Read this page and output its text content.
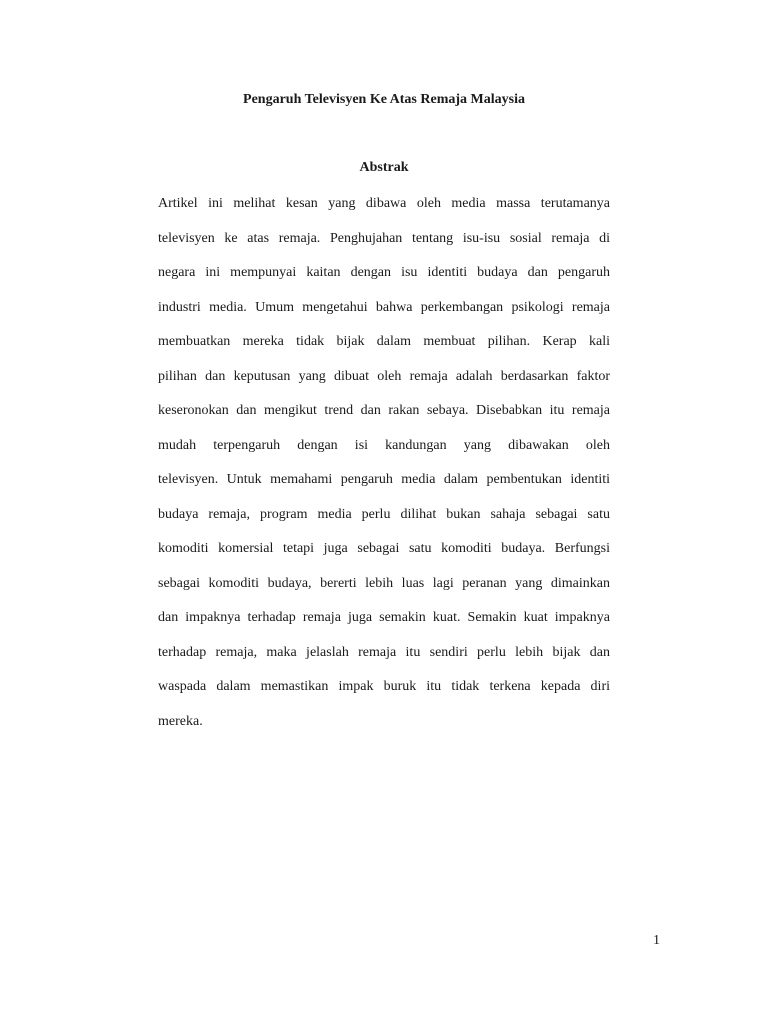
Pengaruh Televisyen Ke Atas Remaja Malaysia
Abstrak
Artikel ini melihat kesan yang dibawa oleh media massa terutamanya
televisyen ke atas remaja. Penghujahan tentang isu-isu sosial remaja di
negara ini mempunyai kaitan dengan isu identiti budaya dan pengaruh
industri media. Umum mengetahui bahwa perkembangan psikologi remaja
membuatkan mereka tidak bijak dalam membuat pilihan. Kerap kali
pilihan dan keputusan yang dibuat oleh remaja adalah berdasarkan faktor
keseronokan dan mengikut trend dan rakan sebaya. Disebabkan itu remaja
mudah terpengaruh dengan isi kandungan yang dibawakan oleh
televisyen. Untuk memahami pengaruh media dalam pembentukan identiti
budaya remaja, program media perlu dilihat bukan sahaja sebagai satu
komoditi komersial tetapi juga sebagai satu komoditi budaya. Berfungsi
sebagai komoditi budaya, bererti lebih luas lagi peranan yang dimainkan
dan impaknya terhadap remaja juga semakin kuat. Semakin kuat impaknya
terhadap remaja, maka jelaslah remaja itu sendiri perlu lebih bijak dan
waspada dalam memastikan impak buruk itu tidak terkena kepada diri
mereka.
1
